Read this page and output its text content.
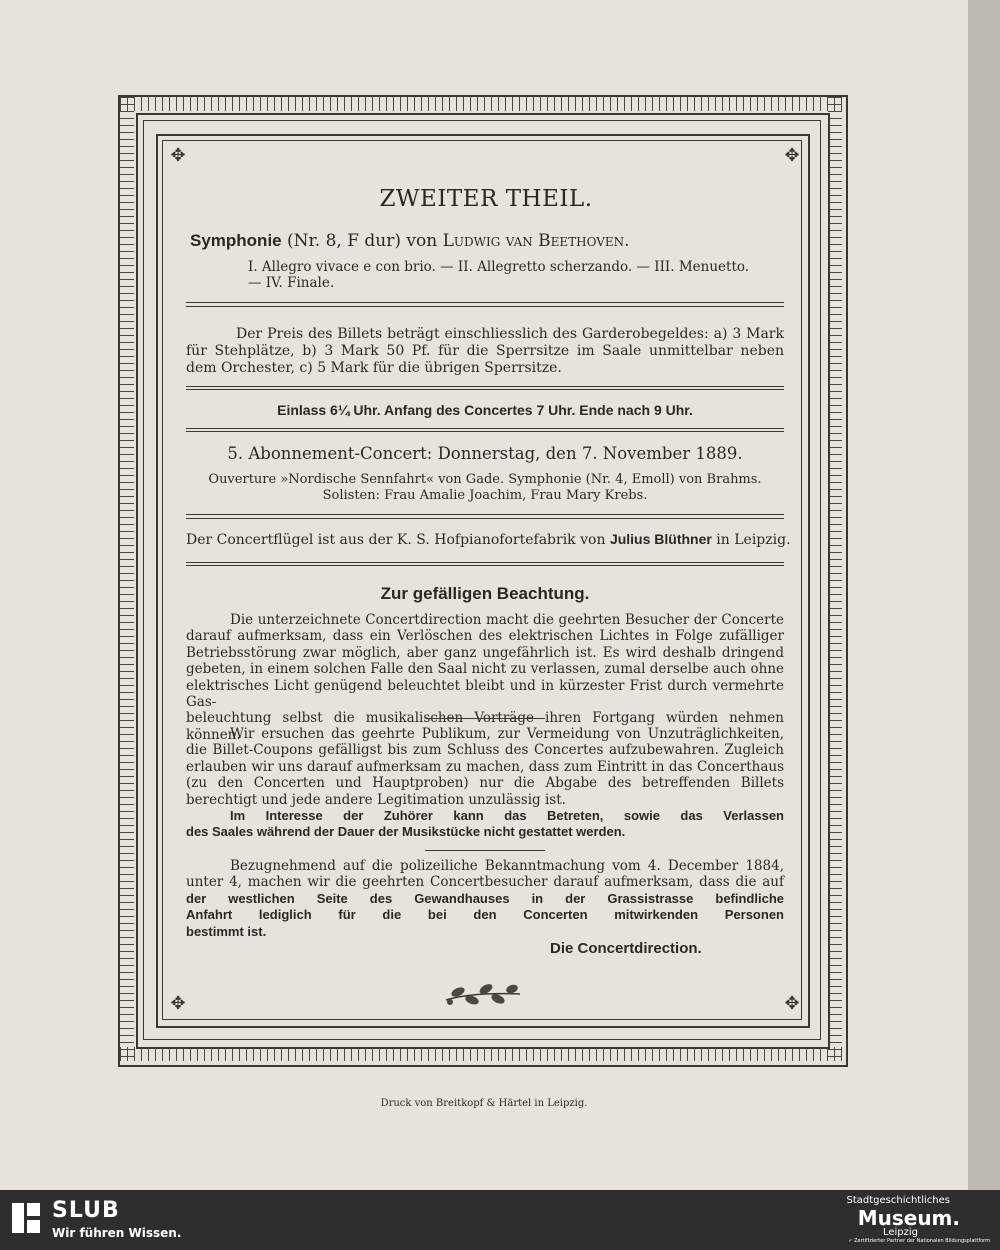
✥	✥
✥	✥
ZWEITER THEIL.
Symphonie (Nr. 8, F dur) von Ludwig van Beethoven.
I. Allegro vivace e con brio. — II. Allegretto scherzando. — III. Menuetto.
— IV. Finale.
Der Preis des Billets beträgt einschliesslich des Garderobegeldes: a) 3 Mark
für Stehplätze, b) 3 Mark 50 Pf. für die Sperrsitze im Saale unmittelbar neben
dem Orchester, c) 5 Mark für die übrigen Sperrsitze.
Einlass 6¼ Uhr. Anfang des Concertes 7 Uhr. Ende nach 9 Uhr.
5. Abonnement-Concert: Donnerstag, den 7. November 1889.
Ouverture »Nordische Sennfahrt« von Gade. Symphonie (Nr. 4, Emoll) von Brahms.
Solisten: Frau Amalie Joachim, Frau Mary Krebs.
Der Concertflügel ist aus der K. S. Hofpianofortefabrik von Julius Blüthner in Leipzig.
Zur gefälligen Beachtung.
Die unterzeichnete Concertdirection macht die geehrten Besucher der Concerte
darauf aufmerksam, dass ein Verlöschen des elektrischen Lichtes in Folge zufälliger
Betriebsstörung zwar möglich, aber ganz ungefährlich ist. Es wird deshalb dringend
gebeten, in einem solchen Falle den Saal nicht zu verlassen, zumal derselbe auch ohne
elektrisches Licht genügend beleuchtet bleibt und in kürzester Frist durch vermehrte Gas-
beleuchtung selbst die musikalischen Vorträge ihren Fortgang würden nehmen können.
Wir ersuchen das geehrte Publikum, zur Vermeidung von Unzuträglichkeiten,
die Billet-Coupons gefälligst bis zum Schluss des Concertes aufzubewahren. Zugleich
erlauben wir uns darauf aufmerksam zu machen, dass zum Eintritt in das Concerthaus
(zu den Concerten und Hauptproben) nur die Abgabe des betreffenden Billets
berechtigt und jede andere Legitimation unzulässig ist.
Im Interesse der Zuhörer kann das Betreten, sowie das Verlassen
des Saales während der Dauer der Musikstücke nicht gestattet werden.
Bezugnehmend auf die polizeiliche Bekanntmachung vom 4. December 1884,
unter 4, machen wir die geehrten Concertbesucher darauf aufmerksam, dass die auf
der westlichen Seite des Gewandhauses in der Grassistrasse befindliche
Anfahrt lediglich für die bei den Concerten mitwirkenden Personen
bestimmt ist.
Die Concertdirection.
Druck von Breitkopf & Härtel in Leipzig.
SLUB
Wir führen Wissen.
Stadtgeschichtliches
Museum.
Leipzig
✓ Zertifizierter Partner der Nationalen Bildungsplattform
